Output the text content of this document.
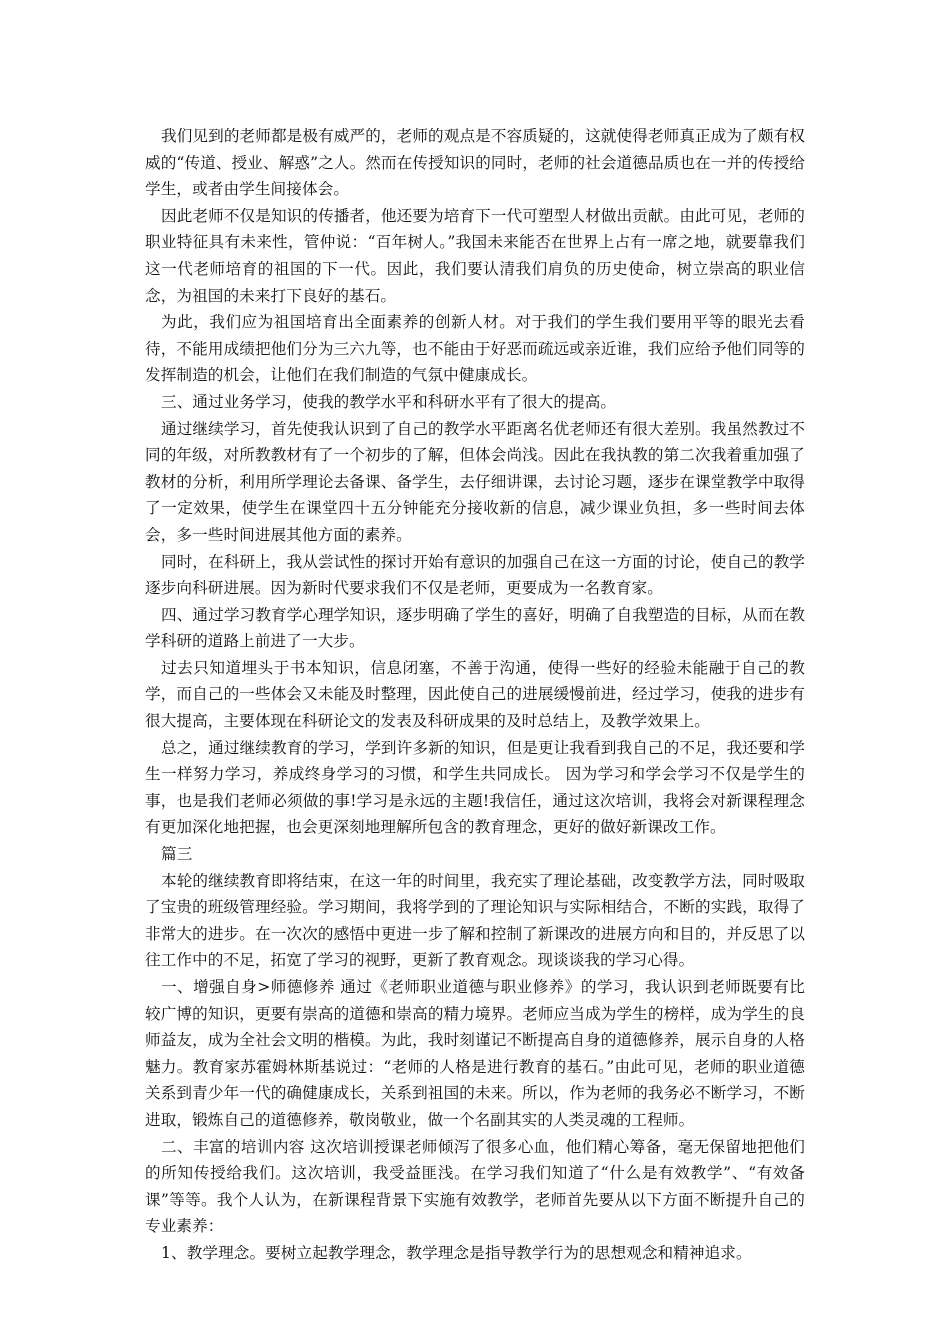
我们见到的老师都是极有威严的，老师的观点是不容质疑的，这就使得老师真正成为了颇有权威的“传道、授业、解惑”之人。然而在传授知识的同时，老师的社会道德品质也在一并的传授给学生，或者由学生间接体会。

因此老师不仅是知识的传播者，他还要为培育下一代可塑型人材做出贡献。由此可见，老师的职业特征具有未来性，管仲说：“百年树人。”我国未来能否在世界上占有一席之地，就要靠我们这一代老师培育的祖国的下一代。因此，我们要认清我们肩负的历史使命，树立崇高的职业信念，为祖国的未来打下良好的基石。

为此，我们应为祖国培育出全面素养的创新人材。对于我们的学生我们要用平等的眼光去看待，不能用成绩把他们分为三六九等，也不能由于好恶而疏远或亲近谁，我们应给予他们同等的发挥制造的机会，让他们在我们制造的气氛中健康成长。

三、通过业务学习，使我的教学水平和科研水平有了很大的提高。

通过继续学习，首先使我认识到了自己的教学水平距离名优老师还有很大差别。我虽然教过不同的年级，对所教教材有了一个初步的了解，但体会尚浅。因此在我执教的第二次我着重加强了教材的分析，利用所学理论去备课、备学生，去仔细讲课，去讨论习题，逐步在课堂教学中取得了一定效果，使学生在课堂四十五分钟能充分接收新的信息，减少课业负担，多一些时间去体会，多一些时间进展其他方面的素养。

同时，在科研上，我从尝试性的探讨开始有意识的加强自己在这一方面的讨论，使自己的教学逐步向科研进展。因为新时代要求我们不仅是老师，更要成为一名教育家。

四、通过学习教育学心理学知识，逐步明确了学生的喜好，明确了自我塑造的目标，从而在教学科研的道路上前进了一大步。

过去只知道埋头于书本知识，信息闭塞，不善于沟通，使得一些好的经验未能融于自己的教学，而自己的一些体会又未能及时整理，因此使自己的进展缓慢前进，经过学习，使我的进步有很大提高，主要体现在科研论文的发表及科研成果的及时总结上，及教学效果上。

总之，通过继续教育的学习，学到许多新的知识，但是更让我看到我自己的不足，我还要和学生一样努力学习，养成终身学习的习惯，和学生共同成长。 因为学习和学会学习不仅是学生的事，也是我们老师必须做的事!学习是永远的主题!我信任，通过这次培训，我将会对新课程理念有更加深化地把握，也会更深刻地理解所包含的教育理念，更好的做好新课改工作。

篇三

本轮的继续教育即将结束，在这一年的时间里，我充实了理论基础，改变教学方法，同时吸取了宝贵的班级管理经验。学习期间，我将学到的了理论知识与实际相结合，不断的实践，取得了非常大的进步。在一次次的感悟中更进一步了解和控制了新课改的进展方向和目的，并反思了以往工作中的不足，拓宽了学习的视野，更新了教育观念。现谈谈我的学习心得。

一、增强自身>师德修养 通过《老师职业道德与职业修养》的学习，我认识到老师既要有比较广博的知识，更要有崇高的道德和崇高的精力境界。老师应当成为学生的榜样，成为学生的良师益友，成为全社会文明的楷模。为此，我时刻谨记不断提高自身的道德修养，展示自身的人格魅力。教育家苏霍姆林斯基说过：“老师的人格是进行教育的基石。”由此可见，老师的职业道德关系到青少年一代的确健康成长，关系到祖国的未来。所以，作为老师的我务必不断学习，不断进取，锻炼自己的道德修养，敬岗敬业，做一个名副其实的人类灵魂的工程师。

二、丰富的培训内容 这次培训授课老师倾泻了很多心血，他们精心筹备，毫无保留地把他们的所知传授给我们。这次培训，我受益匪浅。在学习我们知道了“什么是有效教学”、“有效备课”等等。我个人认为，在新课程背景下实施有效教学，老师首先要从以下方面不断提升自己的专业素养：

1、教学理念。要树立起教学理念，教学理念是指导教学行为的思想观念和精神追求。
